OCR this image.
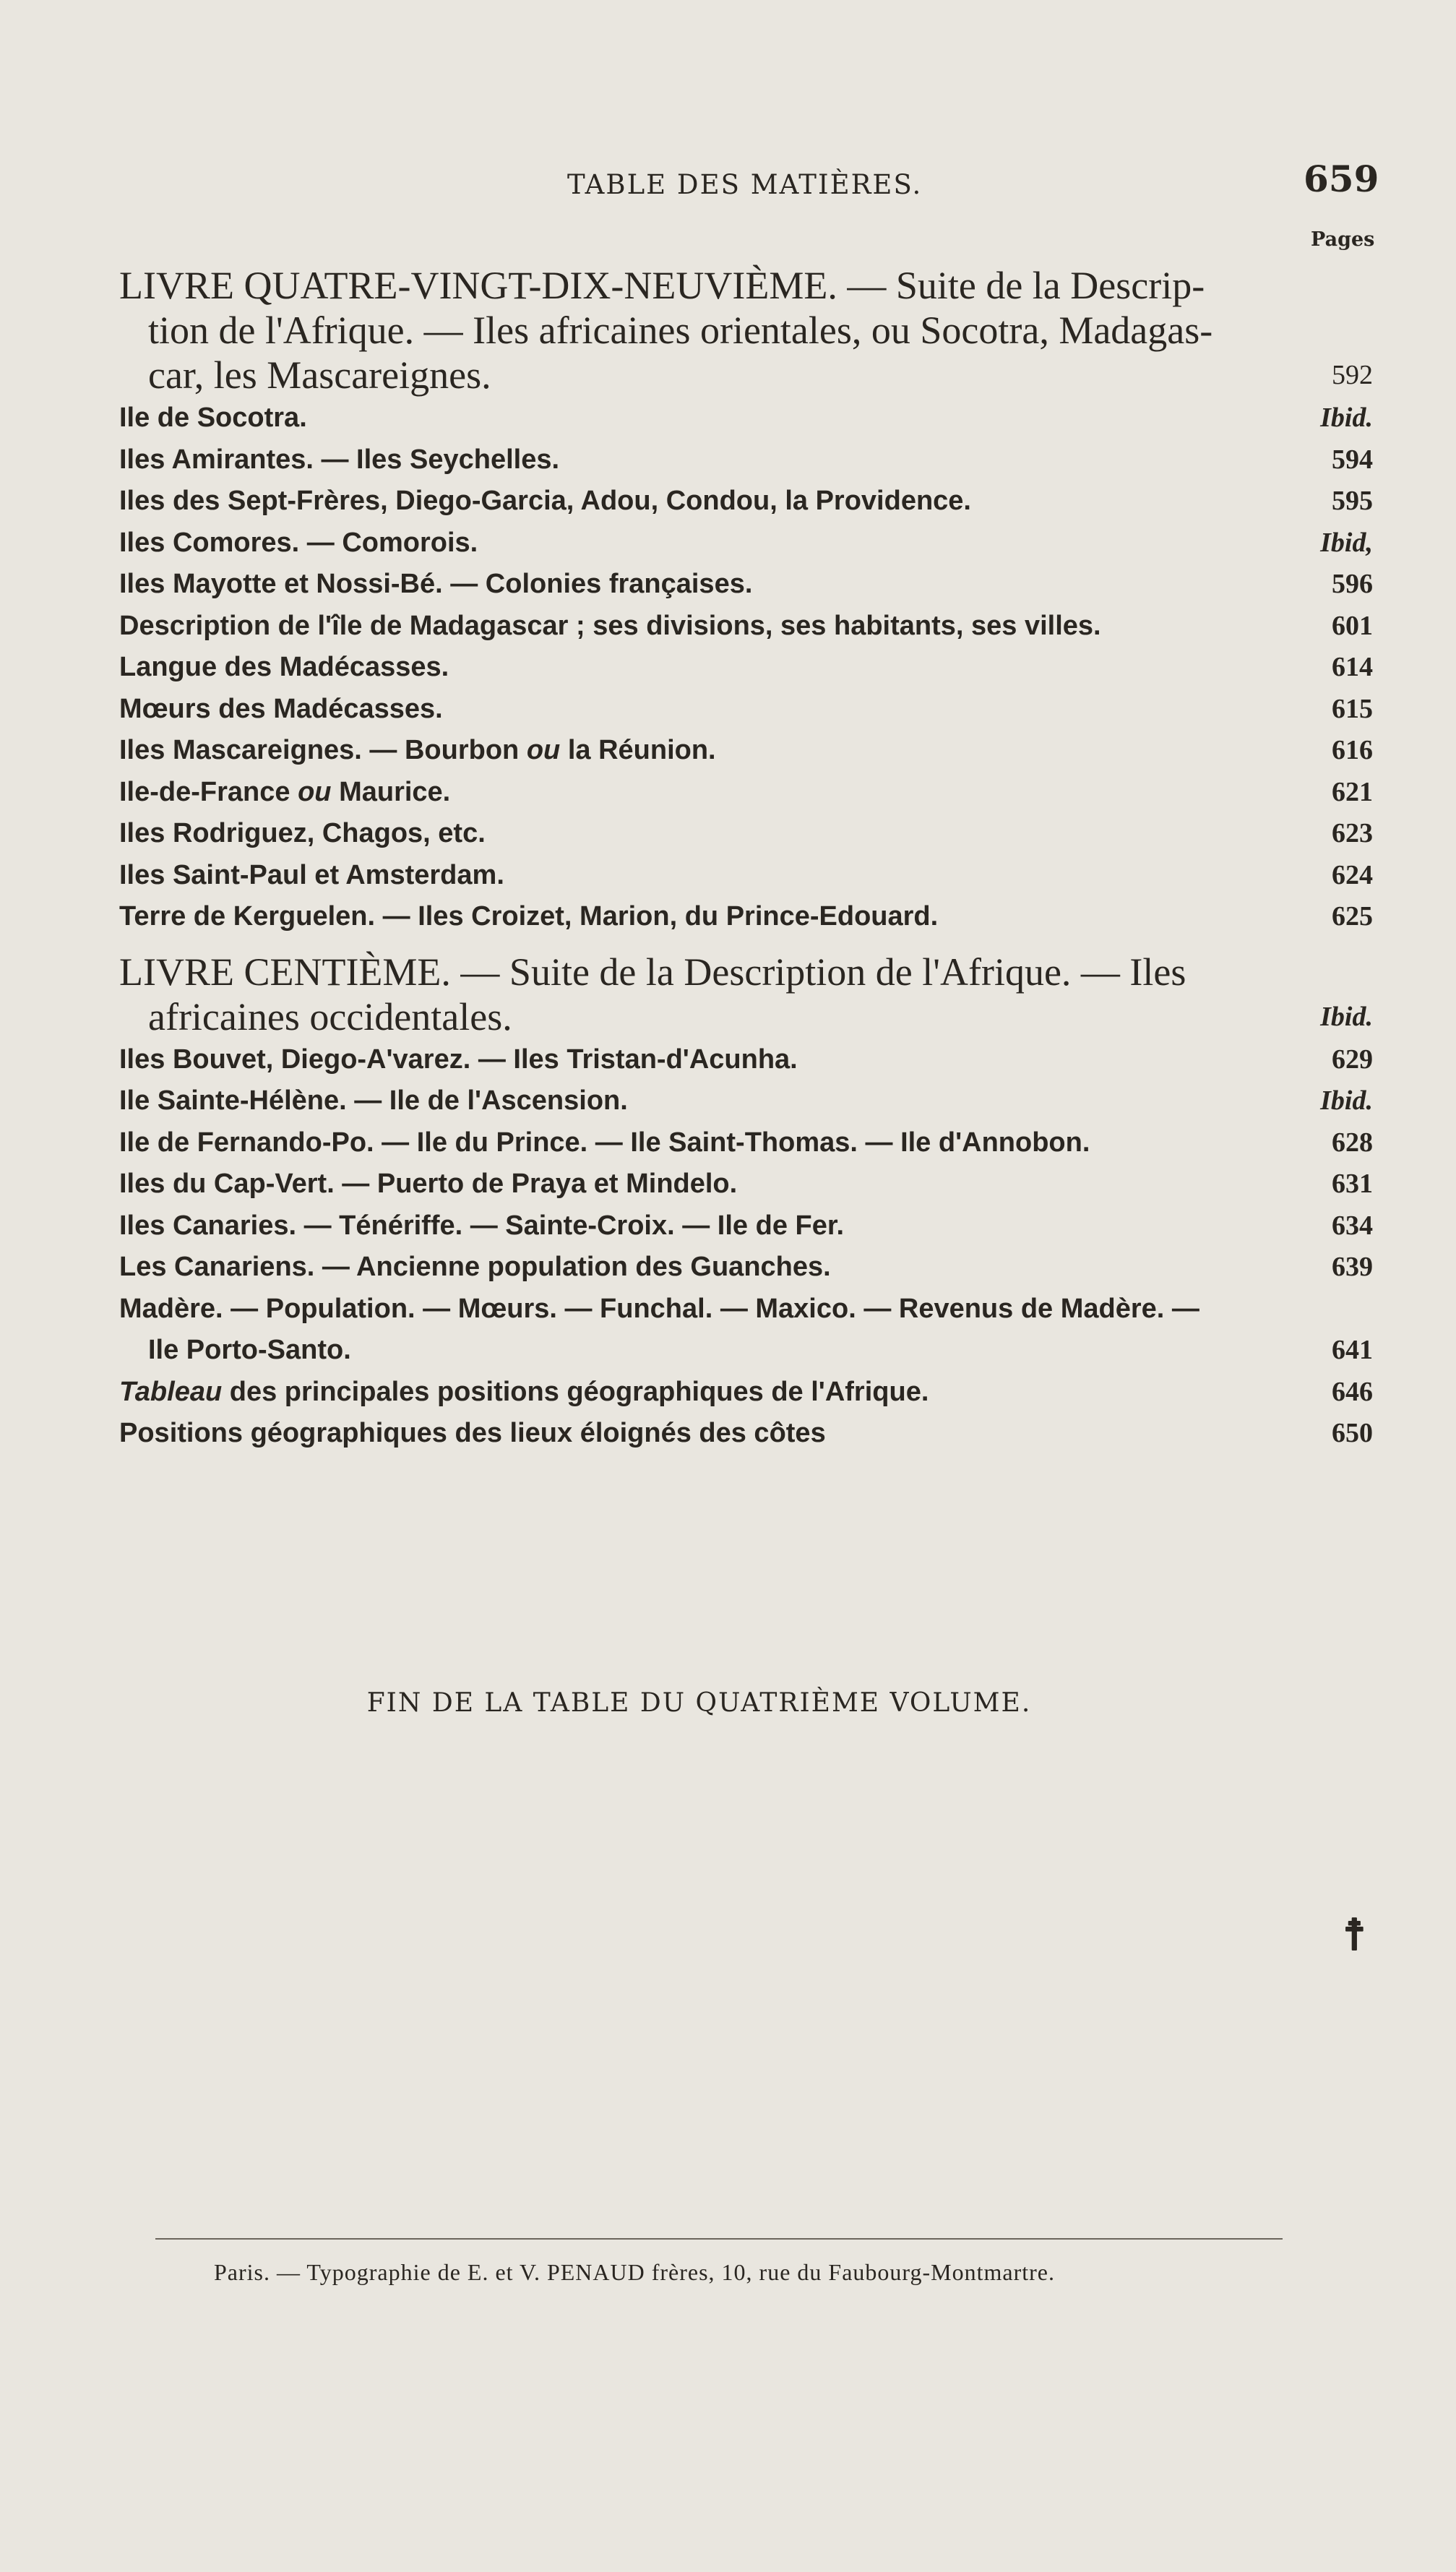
TABLE DES MATIÈRES.	659
Pages
LIVRE QUATRE-VINGT-DIX-NEUVIÈME. — Suite de la Descrip-
tion de l'Afrique. — Iles africaines orientales, ou Socotra, Madagas-
car, les Mascareignes.	592
Ile de Socotra.	Ibid.
Iles Amirantes. — Iles Seychelles.	594
Iles des Sept-Frères, Diego-Garcia, Adou, Condou, la Providence.	595
Iles Comores. — Comorois.	Ibid,
Iles Mayotte et Nossi-Bé. — Colonies françaises.	596
Description de l'île de Madagascar ; ses divisions, ses habitants, ses villes.	601
Langue des Madécasses.	614
Mœurs des Madécasses.	615
Iles Mascareignes. — Bourbon ou la Réunion.	616
Ile-de-France ou Maurice.	621
Iles Rodriguez, Chagos, etc.	623
Iles Saint-Paul et Amsterdam.	624
Terre de Kerguelen. — Iles Croizet, Marion, du Prince-Edouard.	625
LIVRE CENTIÈME. — Suite de la Description de l'Afrique. — Iles
africaines occidentales.	Ibid.
Iles Bouvet, Diego-A'varez. — Iles Tristan-d'Acunha.	629
Ile Sainte-Hélène. — Ile de l'Ascension.	Ibid.
Ile de Fernando-Po. — Ile du Prince. — Ile Saint-Thomas. — Ile d'Annobon.	628
Iles du Cap-Vert. — Puerto de Praya et Mindelo.	631
Iles Canaries. — Ténériffe. — Sainte-Croix. — Ile de Fer.	634
Les Canariens. — Ancienne population des Guanches.	639
Madère. — Population. — Mœurs. — Funchal. — Maxico. — Revenus de Madère. —
Ile Porto-Santo.	641
Tableau des principales positions géographiques de l'Afrique.	646
Positions géographiques des lieux éloignés des côtes	650
FIN DE LA TABLE DU QUATRIÈME VOLUME.
☨
Paris. — Typographie de E. et V. PENAUD frères, 10, rue du Faubourg-Montmartre.
